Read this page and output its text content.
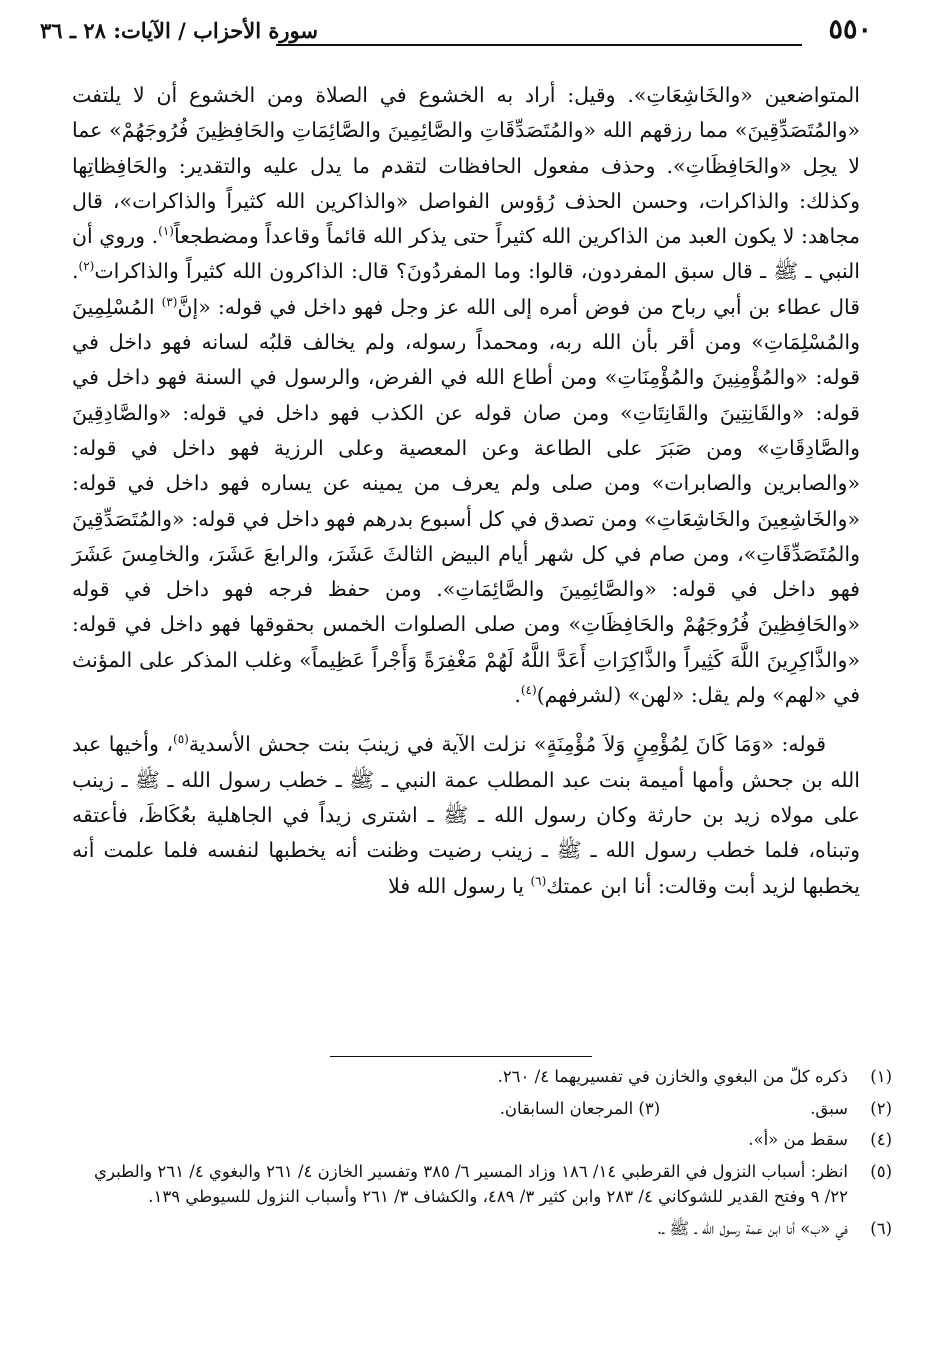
٥٥٠
سورة الأحزاب / الآيات: ٢٨ ـ ٣٦

المتواضعين «والخَاشِعَاتِ». وقيل: أراد به الخشوع في الصلاة ومن الخشوع أن لا يلتفت «والمُتَصَدِّقِينَ» مما رزقهم الله «والمُتَصَدِّقَاتِ والصَّائِمِينَ والصَّائِمَاتِ والحَافِظِينَ فُرُوجَهُمْ» عما لا يحِل «والحَافِظَاتِ». وحذف مفعول الحافظات لتقدم ما يدل عليه والتقدير: والحَافِظاتِها وكذلك: والذاكرات، وحسن الحذف رُؤوس الفواصل «والذاكرين الله كثيراً والذاكرات»، قال مجاهد: لا يكون العبد من الذاكرين الله كثيراً حتى يذكر الله قائماً وقاعداً ومضطجعاً$^{(١)}$. وروي أن النبي ـ ﷺ ـ قال سبق المفردون، قالوا: وما المفردُونَ؟ قال: الذاكرون الله كثيراً والذاكرات$^{(٢)}$. قال عطاء بن أبي رباح من فوض أمره إلى الله عز وجل فهو داخل في قوله: «إنَّ$^{(٣)}$ المُسْلِمِينَ والمُسْلِمَاتِ» ومن أقر بأن الله ربه، ومحمداً رسوله، ولم يخالف قلبُه لسانه فهو داخل في قوله: «والمُؤْمِنِينَ والمُؤْمِنَاتِ» ومن أطاع الله في الفرض، والرسول في السنة فهو داخل في قوله: «والقَانِتِينَ والقَانِتَاتِ» ومن صان قوله عن الكذب فهو داخل في قوله: «والصَّادِقِينَ والصَّادِقَاتِ» ومن صَبَرَ على الطاعة وعن المعصية وعلى الرزية فهو داخل في قوله: «والصابرين والصابرات» ومن صلى ولم يعرف من يمينه عن يساره فهو داخل في قوله: «والخَاشِعِينَ والخَاشِعَاتِ» ومن تصدق في كل أسبوع بدرهم فهو داخل في قوله: «والمُتَصَدِّقِينَ والمُتَصَدِّقَاتِ»، ومن صام في كل شهر أيام البيض الثالثَ عَشَرَ، والرابعَ عَشَرَ، والخامِسَ عَشَرَ فهو داخل في قوله: «والصَّائِمِينَ والصَّائِمَاتِ». ومن حفظ فرجه فهو داخل في قوله «والحَافِظِينَ فُرُوجَهُمْ والحَافِظَاتِ» ومن صلى الصلوات الخمس بحقوقها فهو داخل في قوله: «والذَّاكِرِينَ اللَّهَ كَثِيراً والذَّاكِرَاتِ أَعَدَّ اللَّهُ لَهُمْ مَغْفِرَةً وَأَجْراً عَظِيماً» وغلب المذكر على المؤنث في «لهم» ولم يقل: «لهن» (لشرفهم)$^{(٤)}$.

قوله: «وَمَا كَانَ لِمُؤْمِنٍ وَلاَ مُؤْمِنَةٍ» نزلت الآية في زينبَ بنت جحش الأسدية$^{(٥)}$، وأخيها عبد الله بن جحش وأمها أميمة بنت عبد المطلب عمة النبي ـ ﷺ ـ خطب رسول الله ـ ﷺ ـ زينب على مولاه زيد بن حارثة وكان رسول الله ـ ﷺ ـ اشترى زيداً في الجاهلية بعُكَاظَ، فأعتقه وتبناه، فلما خطب رسول الله ـ ﷺ ـ زينب رضيت وظنت أنه يخطبها لنفسه فلما علمت أنه يخطبها لزيد أبت وقالت: أنا ابن عمتك$^{(٦)}$ يا رسول الله فلا

(١)
ذكره كلّ من البغوي والخازن في تفسيريهما ٤/ ٢٦٠.
(٢)
سبق.(٣) المرجعان السابقان.
(٤)
سقط من «أ».
(٥)
انظر: أسباب النزول في القرطبي ١٤/ ١٨٦ وزاد المسير ٦/ ٣٨٥ وتفسير الخازن ٤/ ٢٦١ والبغوي ٤/ ٢٦١ والطبري ٢٢/ ٩ وفتح القدير للشوكاني ٤/ ٢٨٣ وابن كثير ٣/ ٤٨٩، والكشاف ٣/ ٢٦١ وأسباب النزول للسيوطي ١٣٩.
(٦)
في «ب» أنا ابن عمة رسول الله ـ ﷺ ـ.
